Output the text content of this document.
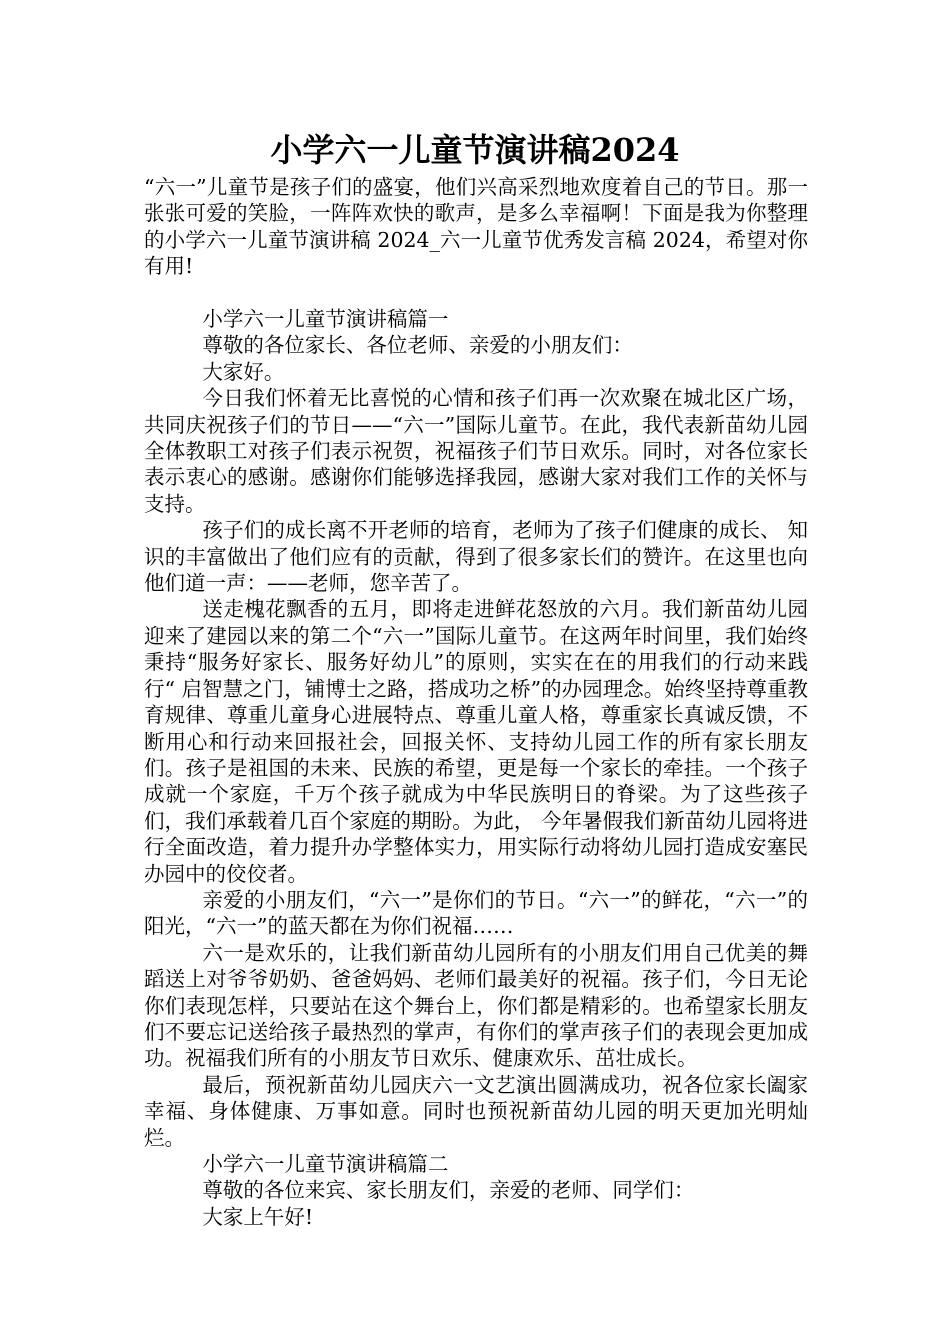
小学六一儿童节演讲稿2024

“六一”儿童节是孩子们的盛宴，他们兴高采烈地欢度着自己的节日。那一张张可爱的笑脸，一阵阵欢快的歌声，是多么幸福啊！下面是我为你整理的小学六一儿童节演讲稿 2024_六一儿童节优秀发言稿 2024，希望对你有用!

小学六一儿童节演讲稿篇一

尊敬的各位家长、各位老师、亲爱的小朋友们：

大家好。

今日我们怀着无比喜悦的心情和孩子们再一次欢聚在城北区广场，共同庆祝孩子们的节日——“六一”国际儿童节。在此，我代表新苗幼儿园全体教职工对孩子们表示祝贺，祝福孩子们节日欢乐。同时，对各位家长表示衷心的感谢。感谢你们能够选择我园，感谢大家对我们工作的关怀与支持。

孩子们的成长离不开老师的培育，老师为了孩子们健康的成长、 知识的丰富做出了他们应有的贡献，得到了很多家长们的赞许。在这里也向他们道一声：——老师，您辛苦了。

送走槐花飘香的五月，即将走进鲜花怒放的六月。我们新苗幼儿园迎来了建园以来的第二个“六一”国际儿童节。在这两年时间里，我们始终秉持“服务好家长、服务好幼儿”的原则，实实在在的用我们的行动来践行“ 启智慧之门，铺博士之路，搭成功之桥”的办园理念。始终坚持尊重教育规律、尊重儿童身心进展特点、尊重儿童人格，尊重家长真诚反馈，不断用心和行动来回报社会，回报关怀、支持幼儿园工作的所有家长朋友们。孩子是祖国的未来、民族的希望，更是每一个家长的牵挂。一个孩子成就一个家庭，千万个孩子就成为中华民族明日的脊梁。为了这些孩子们，我们承载着几百个家庭的期盼。为此， 今年暑假我们新苗幼儿园将进行全面改造，着力提升办学整体实力，用实际行动将幼儿园打造成安塞民办园中的佼佼者。

亲爱的小朋友们，“六一”是你们的节日。“六一”的鲜花，“六一”的阳光，“六一”的蓝天都在为你们祝福……

六一是欢乐的，让我们新苗幼儿园所有的小朋友们用自己优美的舞蹈送上对爷爷奶奶、爸爸妈妈、老师们最美好的祝福。孩子们，今日无论你们表现怎样，只要站在这个舞台上，你们都是精彩的。也希望家长朋友们不要忘记送给孩子最热烈的掌声，有你们的掌声孩子们的表现会更加成功。祝福我们所有的小朋友节日欢乐、健康欢乐、茁壮成长。

最后，预祝新苗幼儿园庆六一文艺演出圆满成功，祝各位家长阖家幸福、身体健康、万事如意。同时也预祝新苗幼儿园的明天更加光明灿烂。

小学六一儿童节演讲稿篇二

尊敬的各位来宾、家长朋友们，亲爱的老师、同学们：

大家上午好!
